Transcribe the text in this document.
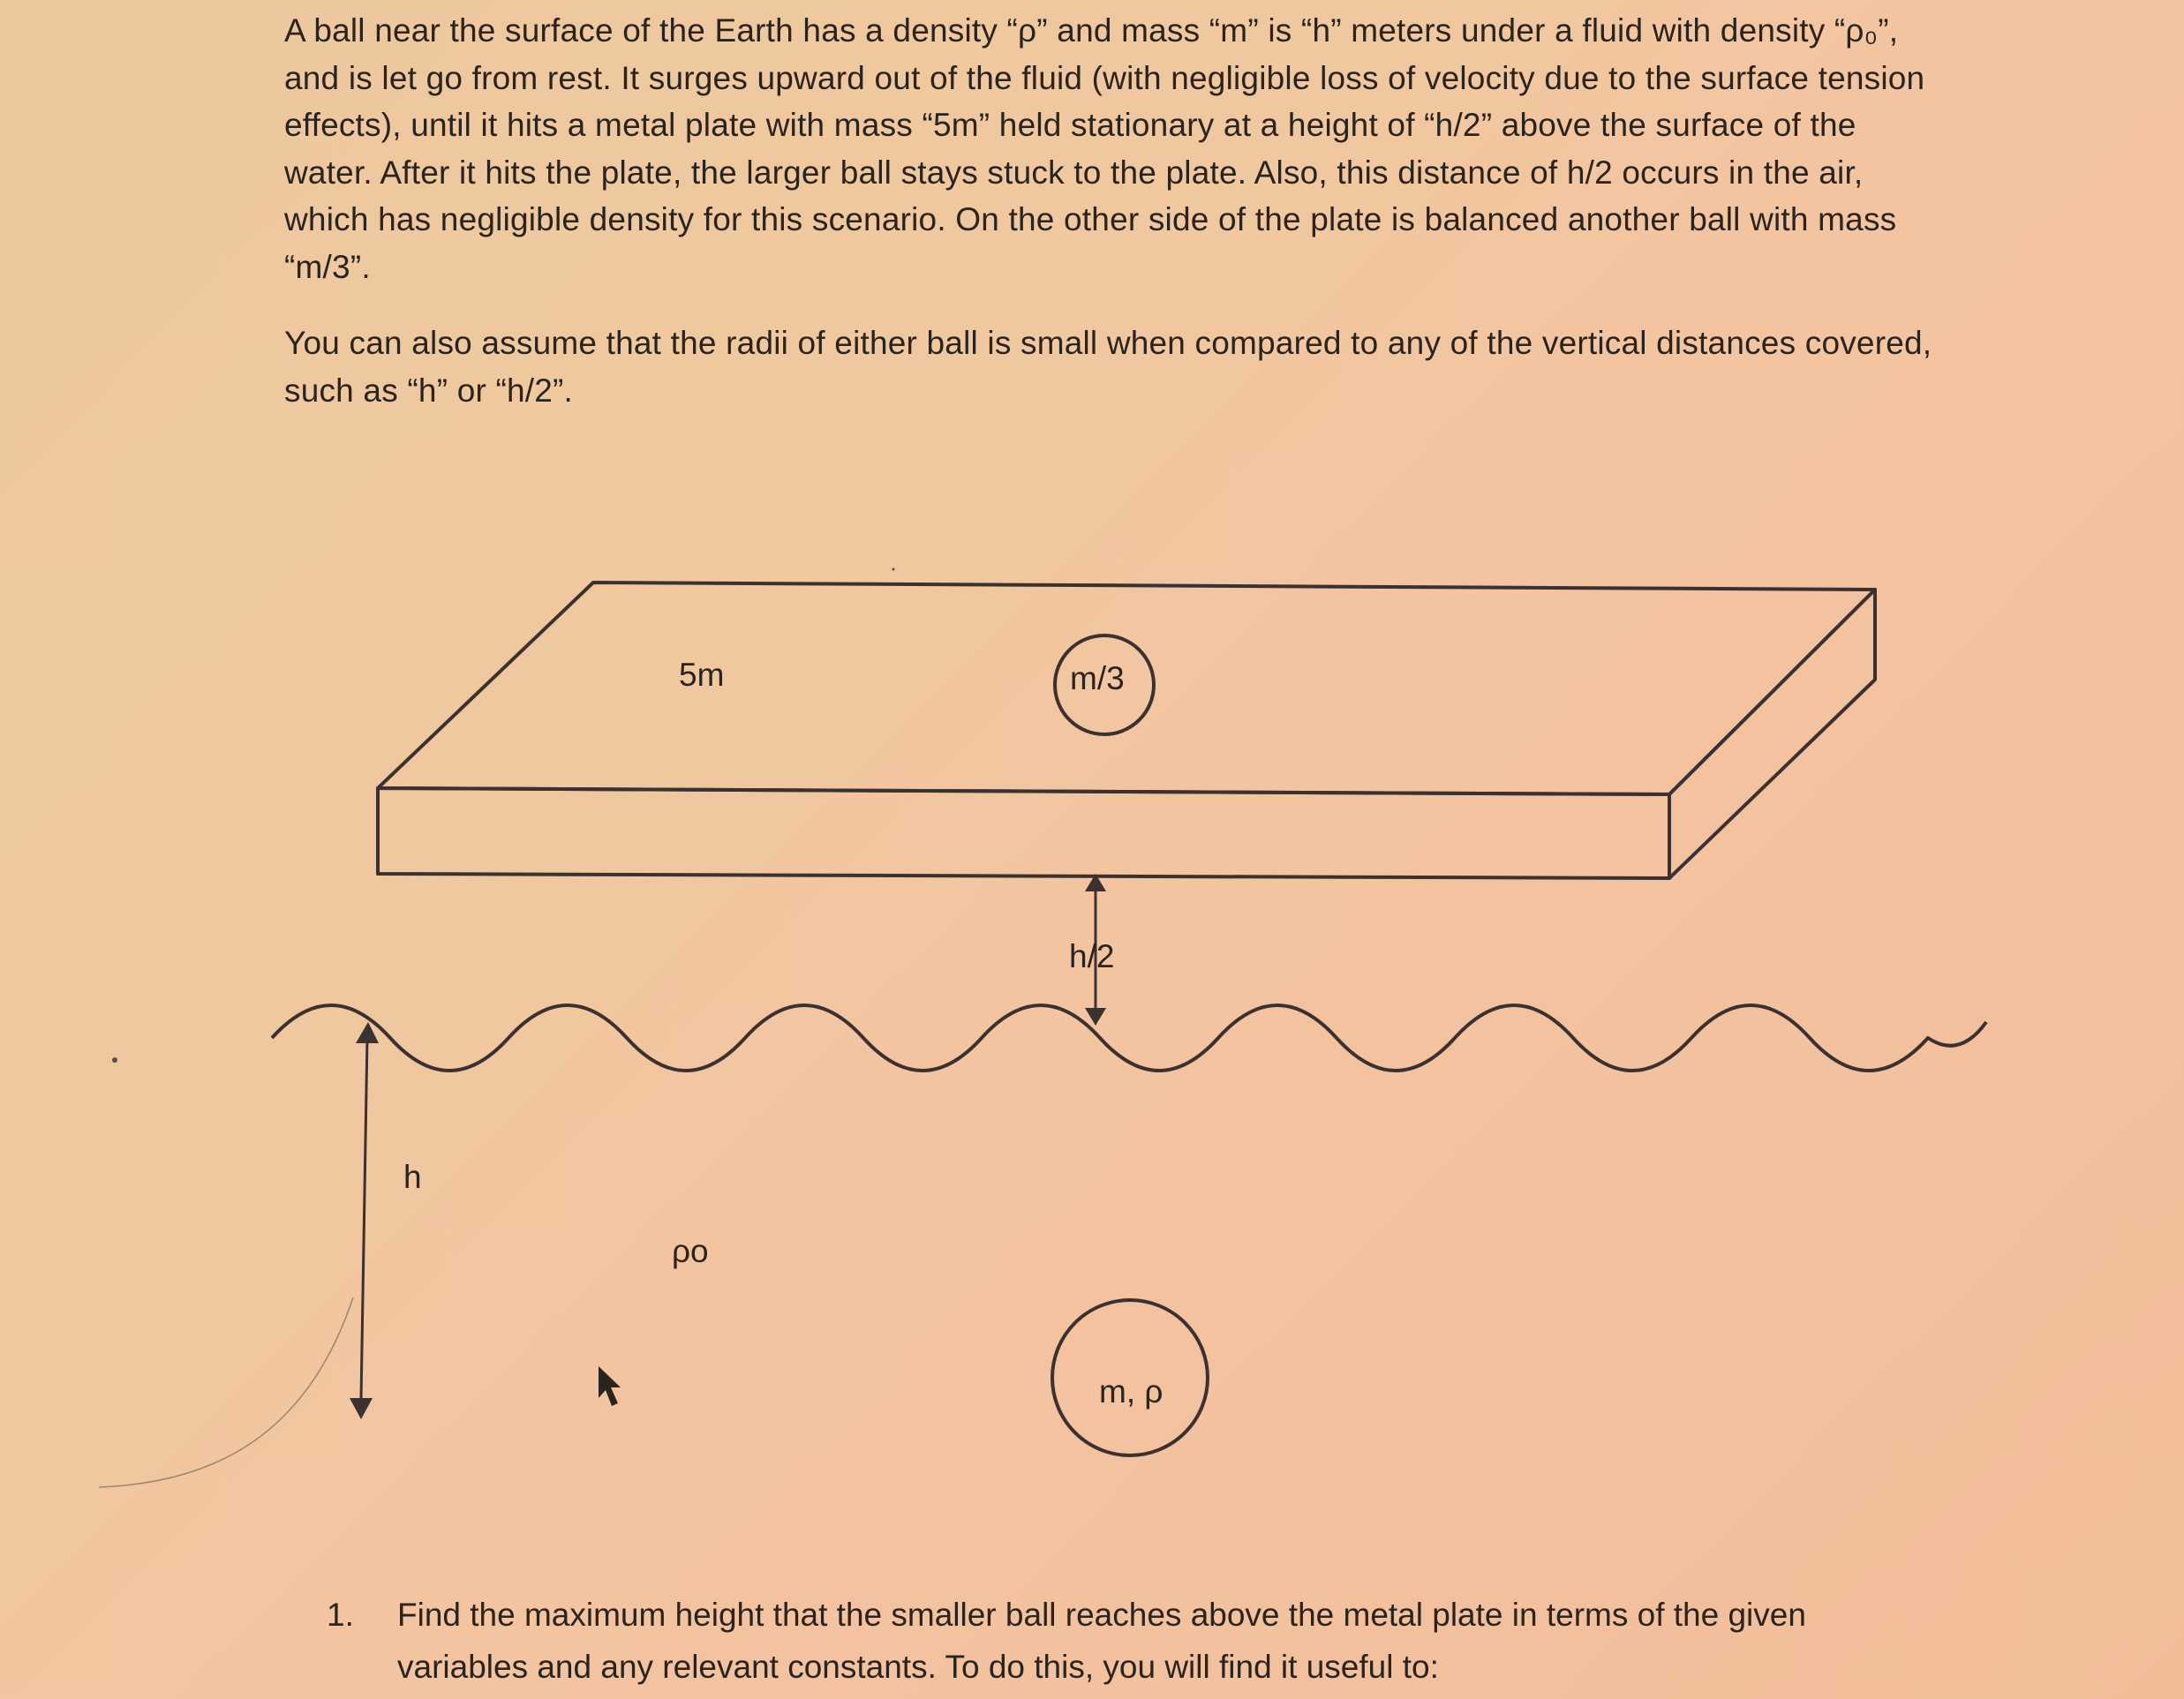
A ball near the surface of the Earth has a density “ρ” and mass “m” is “h” meters under a fluid with density “ρ₀”,
and is let go from rest. It surges upward out of the fluid (with negligible loss of velocity due to the surface tension
effects), until it hits a metal plate with mass “5m” held stationary at a height of “h/2” above the surface of the
water. After it hits the plate, the larger ball stays stuck to the plate. Also, this distance of h/2 occurs in the air,
which has negligible density for this scenario. On the other side of the plate is balanced another ball with mass
“m/3”.

You can also assume that the radii of either ball is small when compared to any of the vertical distances covered,
such as “h” or “h/2”.

5m	m/3
h/2
h
ρo
m, ρ
1. Find the maximum height that the smaller ball reaches above the metal plate in terms of the given
variables and any relevant constants. To do this, you will find it useful to:
